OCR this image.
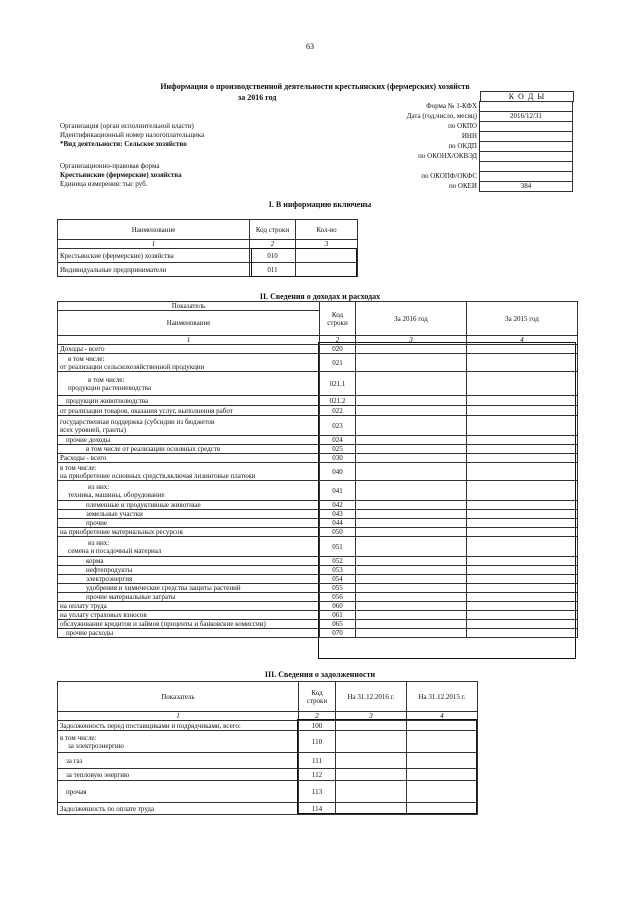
63
Информация о производственной деятельности крестьянских (фермерских) хозяйств
за 2016 год	К О Д Ы
Форма № 1-КФХ
Дата (год,число, месяц)	2016/12/31
по ОКПО
ИНН
по ОКДП
по ОКОНХ/ОКВЭД
по ОКОПФ/ОКФС
по ОКЕИ	384
Организация (орган исполнительной власти)
Идентификационный номер налогоплательщика
*Вид деятельности: Сельское хозяйство
Организационно-правовая форма
Крестьянские (фермерские) хозяйства
Единица измерения: тыс руб.
I. В информацию включены
Наименование	Код строки	Кол-во
1	2	3
Крестьянские (фермерские) хозяйства	010	
Индивидуальные предприниматели	011	
II. Сведения о доходах и расходах
Показатель	Код строки	За 2016 год	За 2015 год
Наименование			
1	2	3	4
Доходы - всего	020		

в том числе:
от реализации сельскохозяйственной продукции	021		

в том числе:
продукции растениеводства	021.1		
продукции животноводства	021.2		
от реализации товаров, оказания услуг, выполнения работ	022		

государственная поддержка (субсидии из бюджетов
всех уровней, гранты)	023		
прочие доходы	024		
в том числе от реализации основных средств	025		
Расходы - всего	030		

в том числе:
на приобретение основных средств,включая лизинговые платежи	040		

из них:
техника, машины, оборудование	041		
племенные и продуктивные животные	042		
земельные участки	043		
прочие	044		
на приобретение материальных ресурсов	050		

из них:
семена и посадочный материал	051		
корма	052		
нефтепродукты	053		
электроэнергия	054		
удобрения и химические средства защиты растений	055		
прочие материальные затраты	056		
на оплату труда	060		
на уплату страховых взносов	061		
обслуживание кредитов и займов (проценты и банковские комиссии)	065		
прочие расходы	070		
III. Сведения о задолженности
Показатель	Код строки	На 31.12.2016 г.	На 31.12.2015 г.
1	2	3	4
Задолженность перед поставщиками и подрядчиками, всего:	100		

в том числе:
за электроэнергию	110		
за газ	111		
за тепловую энергию	112		
прочая	113		
Задолженность по оплате труда	114		
